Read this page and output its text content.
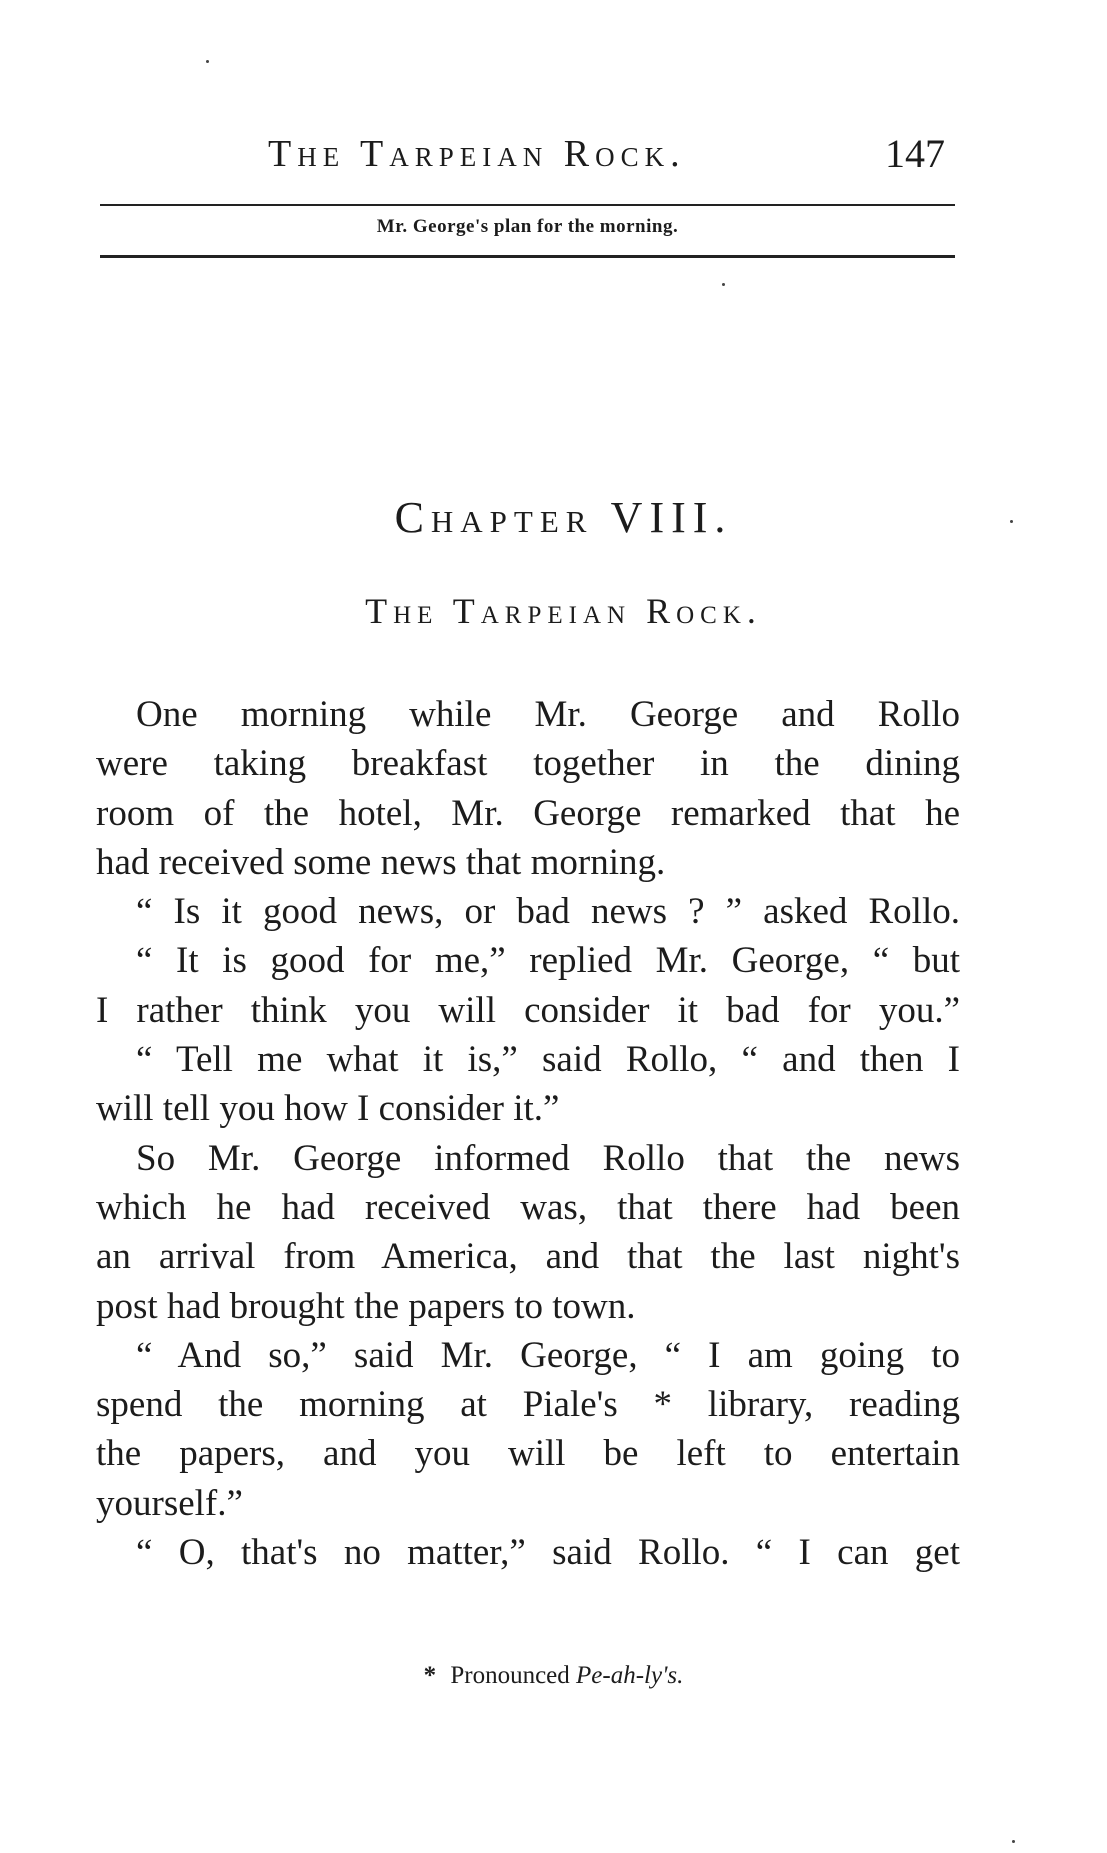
The Tarpeian Rock.	147
Mr. George's plan for the morning.
Chapter VIII.
The Tarpeian Rock.
One morning while Mr. George and Rollo
were taking breakfast together in the dining
room of the hotel, Mr. George remarked that he
had received some news that morning.
“ Is it good news, or bad news ? ” asked Rollo.
“ It is good for me,” replied Mr. George, “ but
I rather think you will consider it bad for you.”
“ Tell me what it is,” said Rollo, “ and then I
will tell you how I consider it.”
So Mr. George informed Rollo that the news
which he had received was, that there had been
an arrival from America, and that the last night's
post had brought the papers to town.
“ And so,” said Mr. George, “ I am going to
spend the morning at Piale's * library, reading
the papers, and you will be left to entertain
yourself.”
“ O, that's no matter,” said Rollo. “ I can get
* Pronounced Pe-ah-ly's.
